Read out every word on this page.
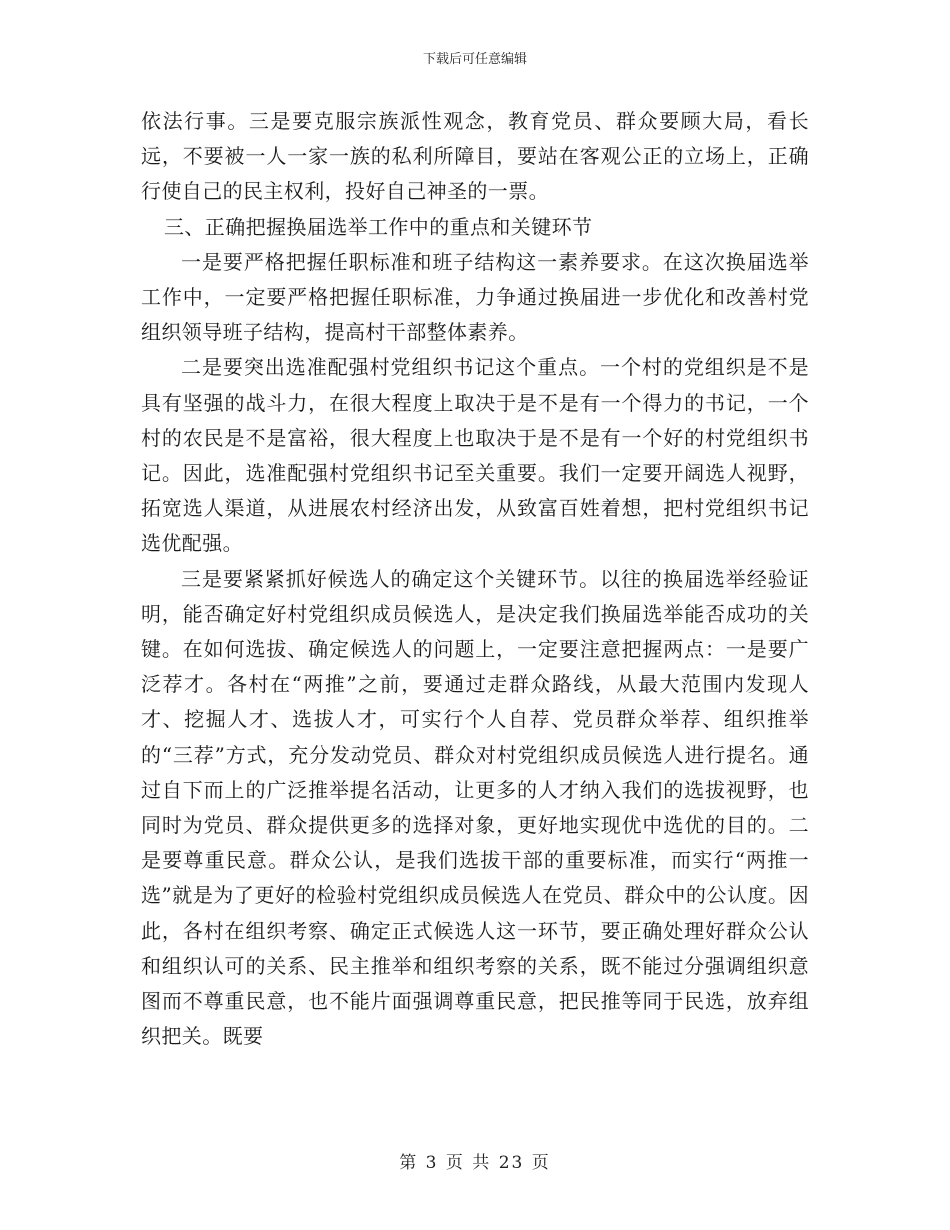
下载后可任意编辑

依法行事。三是要克服宗族派性观念，教育党员、群众要顾大局，看长远，不要被一人一家一族的私利所障目，要站在客观公正的立场上，正确行使自己的民主权利，投好自己神圣的一票。

三、正确把握换届选举工作中的重点和关键环节

一是要严格把握任职标准和班子结构这一素养要求。在这次换届选举工作中，一定要严格把握任职标准，力争通过换届进一步优化和改善村党组织领导班子结构，提高村干部整体素养。

二是要突出选准配强村党组织书记这个重点。一个村的党组织是不是具有坚强的战斗力，在很大程度上取决于是不是有一个得力的书记，一个村的农民是不是富裕，很大程度上也取决于是不是有一个好的村党组织书记。因此，选准配强村党组织书记至关重要。我们一定要开阔选人视野，拓宽选人渠道，从进展农村经济出发，从致富百姓着想，把村党组织书记选优配强。

三是要紧紧抓好候选人的确定这个关键环节。以往的换届选举经验证明，能否确定好村党组织成员候选人，是决定我们换届选举能否成功的关键。在如何选拔、确定候选人的问题上，一定要注意把握两点：一是要广泛荐才。各村在“两推”之前，要通过走群众路线，从最大范围内发现人才、挖掘人才、选拔人才，可实行个人自荐、党员群众举荐、组织推举的“三荐”方式，充分发动党员、群众对村党组织成员候选人进行提名。通过自下而上的广泛推举提名活动，让更多的人才纳入我们的选拔视野，也同时为党员、群众提供更多的选择对象，更好地实现优中选优的目的。二是要尊重民意。群众公认，是我们选拔干部的重要标准，而实行“两推一选”就是为了更好的检验村党组织成员候选人在党员、群众中的公认度。因此，各村在组织考察、确定正式候选人这一环节，要正确处理好群众公认和组织认可的关系、民主推举和组织考察的关系，既不能过分强调组织意图而不尊重民意，也不能片面强调尊重民意，把民推等同于民选，放弃组织把关。既要

第 3 页 共 23 页
